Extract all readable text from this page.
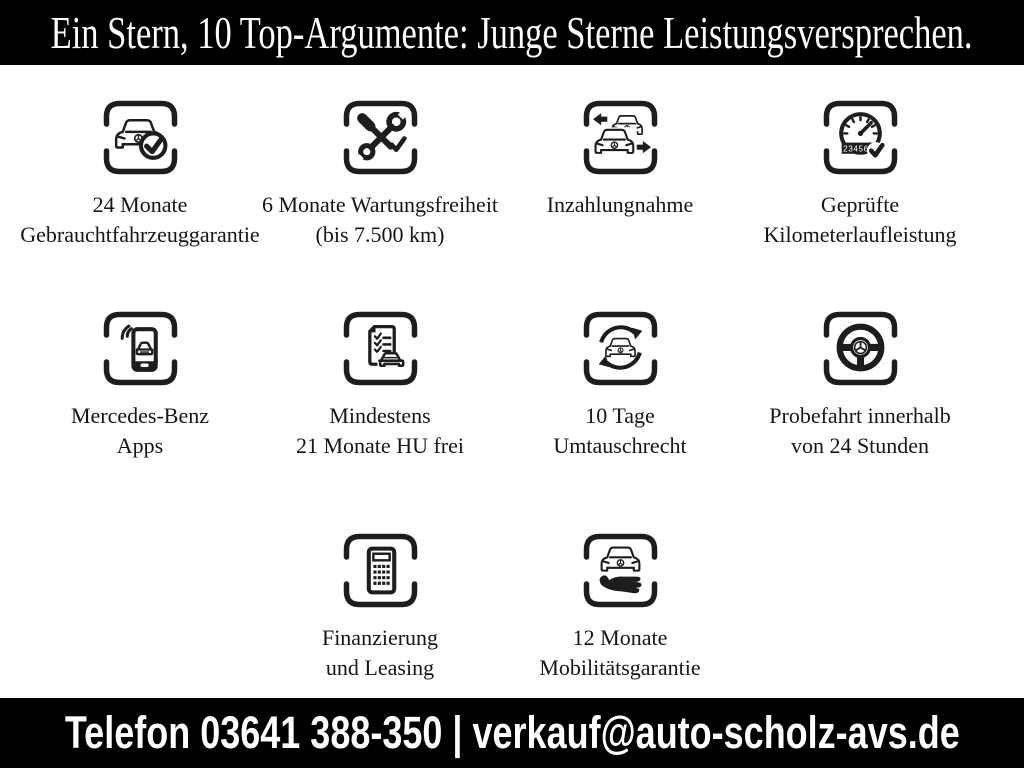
Ein Stern, 10 Top-Argumente: Junge Sterne Leistungsversprechen.
24 Monate
Gebrauchtfahrzeuggarantie
6 Monate Wartungsfreiheit
(bis 7.500 km)
Inzahlungnahme	Geprüfte
Kilometerlaufleistung
Mercedes-Benz
Apps
Mindestens
21 Monate HU frei
10 Tage
Umtauschrecht
Probefahrt innerhalb
von 24 Stunden
Finanzierung
und Leasing
12 Monate
Mobilitätsgarantie
Telefon 03641 388-350 | verkauf@auto-scholz-avs.de
